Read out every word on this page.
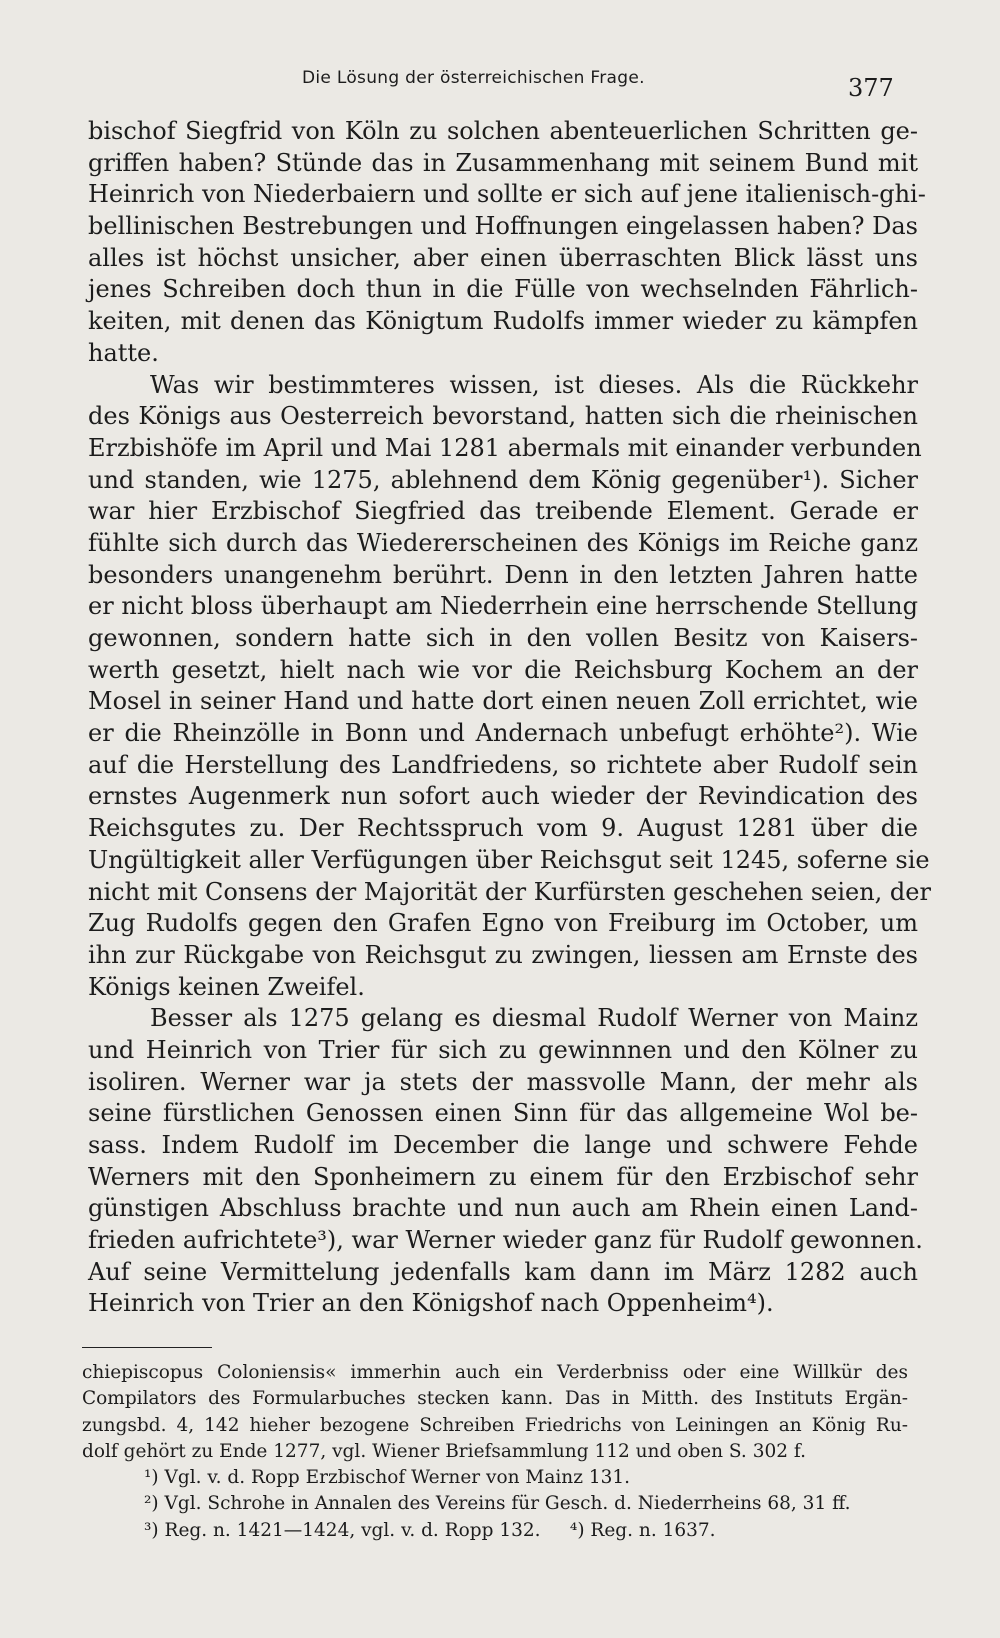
Die Lösung der österreichischen Frage.	377
bischof Siegfrid von Köln zu solchen abenteuerlichen Schritten ge-
griffen haben? Stünde das in Zusammenhang mit seinem Bund mit
Heinrich von Niederbaiern und sollte er sich auf jene italienisch-ghi-
bellinischen Bestrebungen und Hoffnungen eingelassen haben? Das
alles ist höchst unsicher, aber einen überraschten Blick lässt uns
jenes Schreiben doch thun in die Fülle von wechselnden Fährlich-
keiten, mit denen das Königtum Rudolfs immer wieder zu kämpfen
hatte.
Was wir bestimmteres wissen, ist dieses. Als die Rückkehr
des Königs aus Oesterreich bevorstand, hatten sich die rheinischen
Erzbishöfe im April und Mai 1281 abermals mit einander verbunden
und standen, wie 1275, ablehnend dem König gegenüber¹). Sicher
war hier Erzbischof Siegfried das treibende Element. Gerade er
fühlte sich durch das Wiedererscheinen des Königs im Reiche ganz
besonders unangenehm berührt. Denn in den letzten Jahren hatte
er nicht bloss überhaupt am Niederrhein eine herrschende Stellung
gewonnen, sondern hatte sich in den vollen Besitz von Kaisers-
werth gesetzt, hielt nach wie vor die Reichsburg Kochem an der
Mosel in seiner Hand und hatte dort einen neuen Zoll errichtet, wie
er die Rheinzölle in Bonn und Andernach unbefugt erhöhte²). Wie
auf die Herstellung des Landfriedens, so richtete aber Rudolf sein
ernstes Augenmerk nun sofort auch wieder der Revindication des
Reichsgutes zu. Der Rechtsspruch vom 9. August 1281 über die
Ungültigkeit aller Verfügungen über Reichsgut seit 1245, soferne sie
nicht mit Consens der Majorität der Kurfürsten geschehen seien, der
Zug Rudolfs gegen den Grafen Egno von Freiburg im October, um
ihn zur Rückgabe von Reichsgut zu zwingen, liessen am Ernste des
Königs keinen Zweifel.
Besser als 1275 gelang es diesmal Rudolf Werner von Mainz
und Heinrich von Trier für sich zu gewinnnen und den Kölner zu
isoliren. Werner war ja stets der massvolle Mann, der mehr als
seine fürstlichen Genossen einen Sinn für das allgemeine Wol be-
sass. Indem Rudolf im December die lange und schwere Fehde
Werners mit den Sponheimern zu einem für den Erzbischof sehr
günstigen Abschluss brachte und nun auch am Rhein einen Land-
frieden aufrichtete³), war Werner wieder ganz für Rudolf gewonnen.
Auf seine Vermittelung jedenfalls kam dann im März 1282 auch
Heinrich von Trier an den Königshof nach Oppenheim⁴).
chiepiscopus Coloniensis« immerhin auch ein Verderbniss oder eine Willkür des
Compilators des Formularbuches stecken kann. Das in Mitth. des Instituts Ergän-
zungsbd. 4, 142 hieher bezogene Schreiben Friedrichs von Leiningen an König Ru-
dolf gehört zu Ende 1277, vgl. Wiener Briefsammlung 112 und oben S. 302 f.
¹) Vgl. v. d. Ropp Erzbischof Werner von Mainz 131.
²) Vgl. Schrohe in Annalen des Vereins für Gesch. d. Niederrheins 68, 31 ff.
³) Reg. n. 1421—1424, vgl. v. d. Ropp 132.     ⁴) Reg. n. 1637.
